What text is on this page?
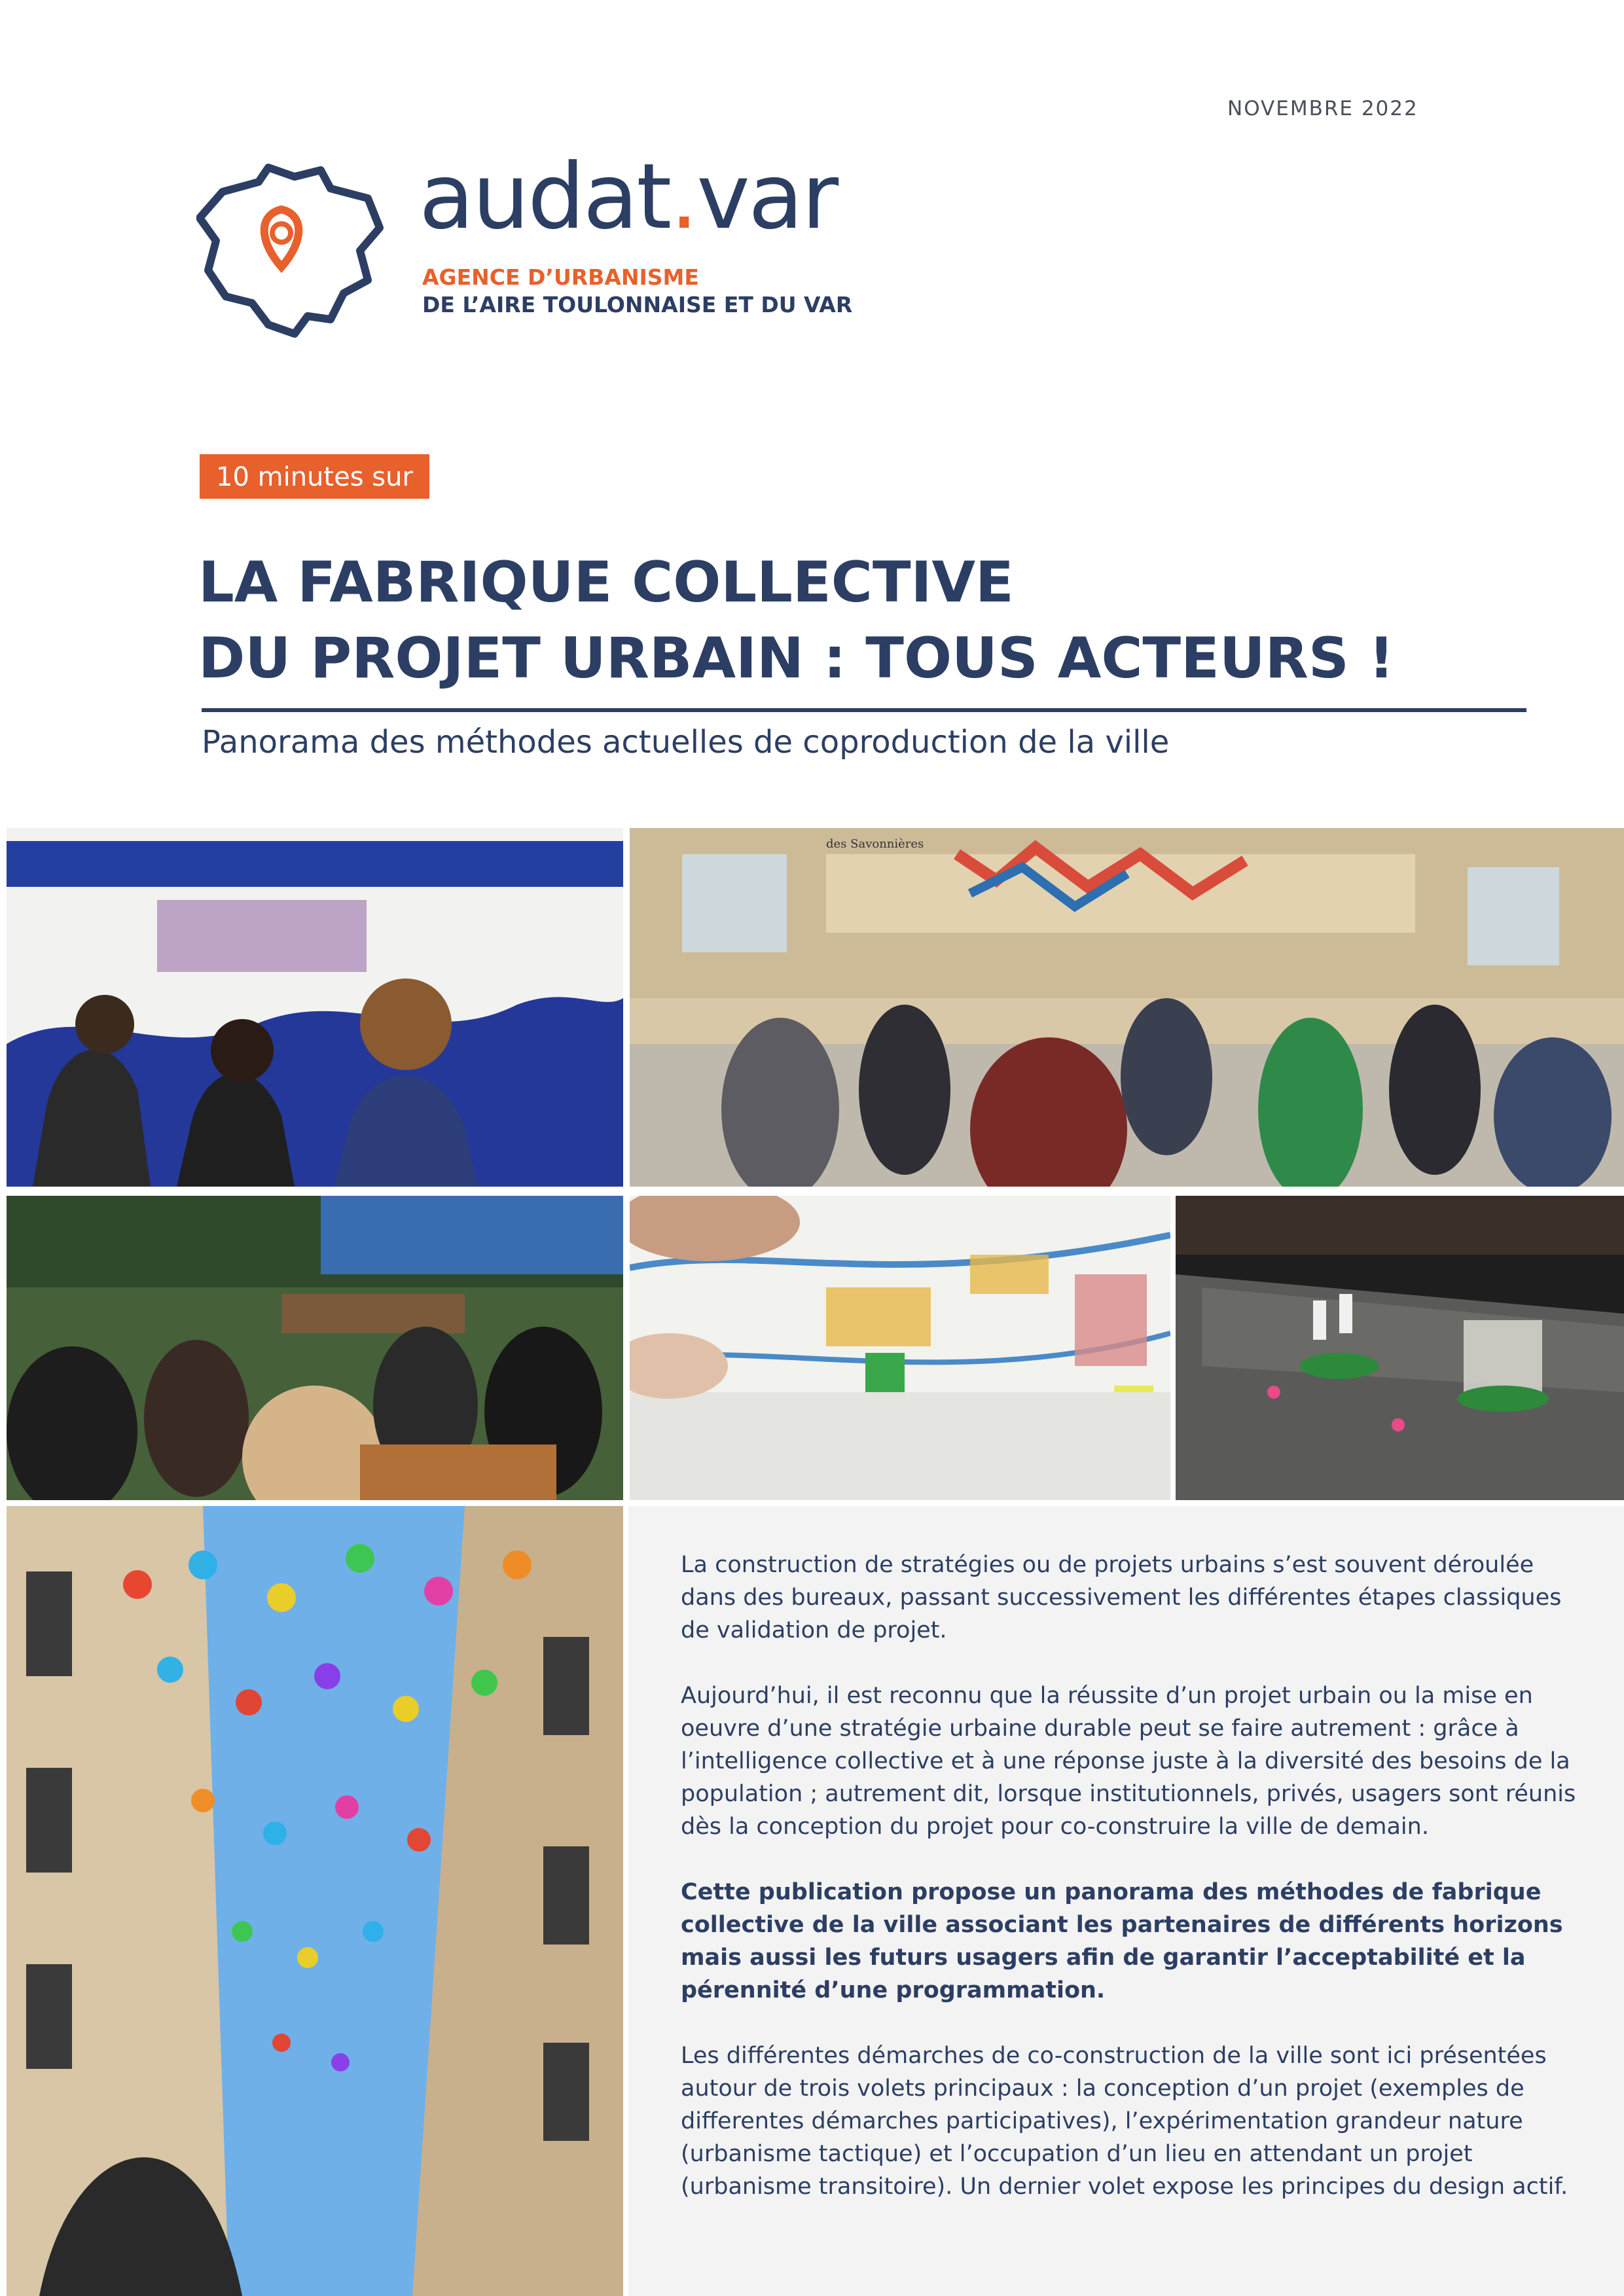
NOVEMBRE 2022
audat.var
AGENCE D’URBANISME
DE L’AIRE TOULONNAISE ET DU VAR
10 minutes sur
LA FABRIQUE COLLECTIVE
DU PROJET URBAIN : TOUS ACTEURS !
Panorama des méthodes actuelles de coproduction de la ville
des Savonnières

La construction de stratégies ou de projets urbains s’est souvent déroulée dans des bureaux, passant successivement les différentes étapes classiques de validation de projet.

Aujourd’hui, il est reconnu que la réussite d’un projet urbain ou la mise en oeuvre d’une stratégie urbaine durable peut se faire autrement : grâce à l’intelligence collective et à une réponse juste à la diversité des besoins de la population ; autrement dit, lorsque institutionnels, privés, usagers sont réunis dès la conception du projet pour co-construire la ville de demain.

Cette publication propose un panorama des méthodes de fabrique collective de la ville associant les partenaires de différents horizons mais aussi les futurs usagers afin de garantir l’acceptabilité et la pérennité d’une programmation.

Les différentes démarches de co-construction de la ville sont ici présentées autour de trois volets principaux : la conception d’un projet (exemples de differentes démarches participatives), l’expérimentation grandeur nature (urbanisme tactique) et l’occupation d’un lieu en attendant un projet (urbanisme transitoire). Un dernier volet expose les principes du design actif.
